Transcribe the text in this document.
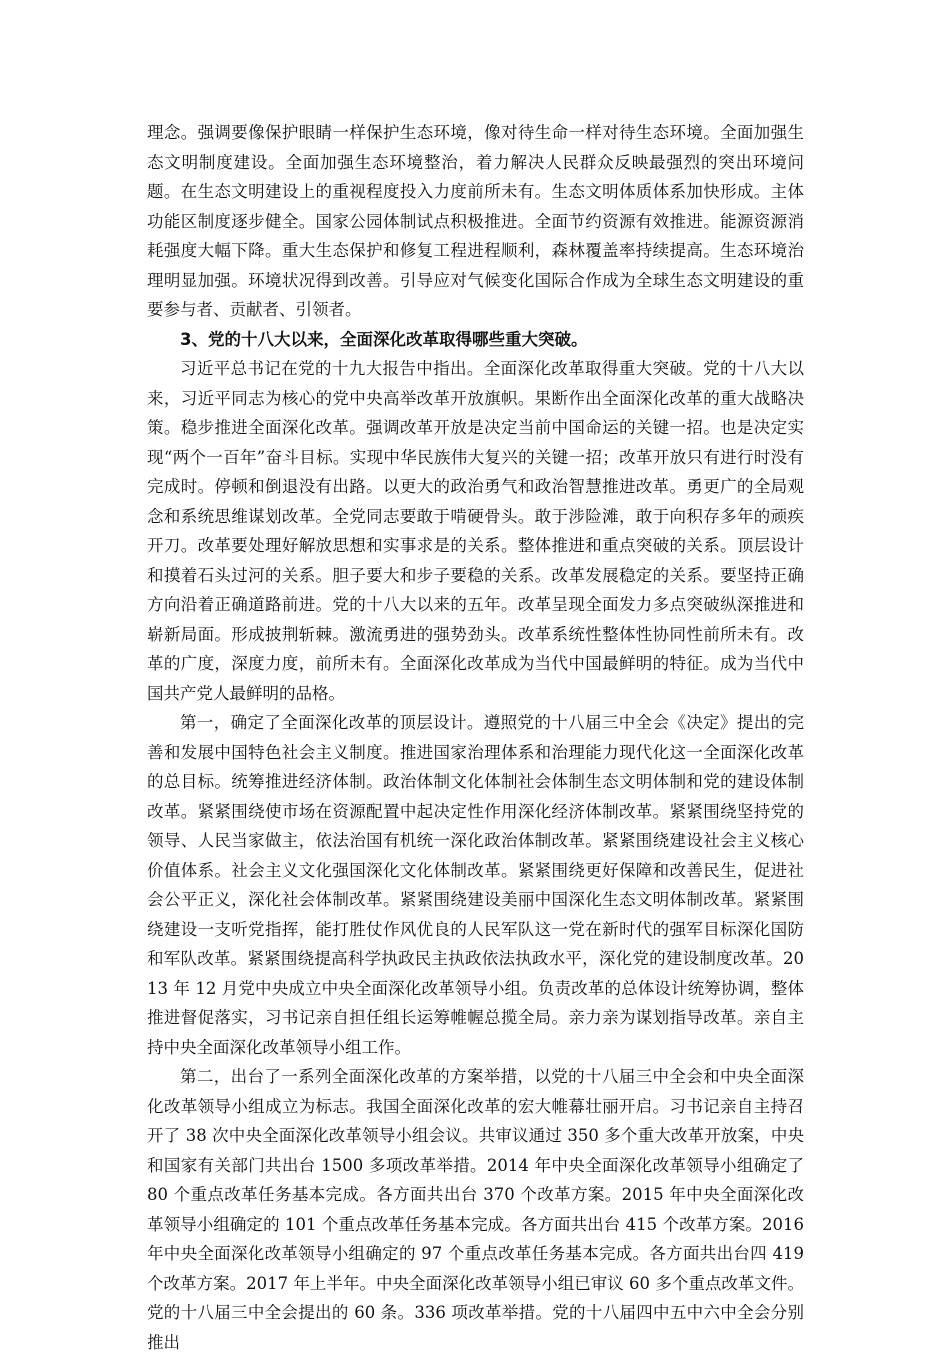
理念。强调要像保护眼睛一样保护生态环境，像对待生命一样对待生态环境。全面加强生态文明制度建设。全面加强生态环境整治，着力解决人民群众反映最强烈的突出环境问题。在生态文明建设上的重视程度投入力度前所未有。生态文明体质体系加快形成。主体功能区制度逐步健全。国家公园体制试点积极推进。全面节约资源有效推进。能源资源消耗强度大幅下降。重大生态保护和修复工程进程顺利，森林覆盖率持续提高。生态环境治理明显加强。环境状况得到改善。引导应对气候变化国际合作成为全球生态文明建设的重要参与者、贡献者、引领者。

3、党的十八大以来，全面深化改革取得哪些重大突破。

习近平总书记在党的十九大报告中指出。全面深化改革取得重大突破。党的十八大以来，习近平同志为核心的党中央高举改革开放旗帜。果断作出全面深化改革的重大战略决策。稳步推进全面深化改革。强调改革开放是决定当前中国命运的关键一招。也是决定实现“两个一百年”奋斗目标。实现中华民族伟大复兴的关键一招；改革开放只有进行时没有完成时。停顿和倒退没有出路。以更大的政治勇气和政治智慧推进改革。勇更广的全局观念和系统思维谋划改革。全党同志要敢于啃硬骨头。敢于涉险滩，敢于向积存多年的顽疾开刀。改革要处理好解放思想和实事求是的关系。整体推进和重点突破的关系。顶层设计和摸着石头过河的关系。胆子要大和步子要稳的关系。改革发展稳定的关系。要坚持正确方向沿着正确道路前进。党的十八大以来的五年。改革呈现全面发力多点突破纵深推进和崭新局面。形成披荆斩棘。激流勇进的强势劲头。改革系统性整体性协同性前所未有。改革的广度，深度力度，前所未有。全面深化改革成为当代中国最鲜明的特征。成为当代中国共产党人最鲜明的品格。

第一，确定了全面深化改革的顶层设计。遵照党的十八届三中全会《决定》提出的完善和发展中国特色社会主义制度。推进国家治理体系和治理能力现代化这一全面深化改革的总目标。统筹推进经济体制。政治体制文化体制社会体制生态文明体制和党的建设体制改革。紧紧围绕使市场在资源配置中起决定性作用深化经济体制改革。紧紧围绕坚持党的领导、人民当家做主，依法治国有机统一深化政治体制改革。紧紧围绕建设社会主义核心价值体系。社会主义文化强国深化文化体制改革。紧紧围绕更好保障和改善民生，促进社会公平正义，深化社会体制改革。紧紧围绕建设美丽中国深化生态文明体制改革。紧紧围绕建设一支听党指挥，能打胜仗作风优良的人民军队这一党在新时代的强军目标深化国防和军队改革。紧紧围绕提高科学执政民主执政依法执政水平，深化党的建设制度改革。2013 年 12 月党中央成立中央全面深化改革领导小组。负责改革的总体设计统筹协调，整体推进督促落实，习书记亲自担任组长运筹帷幄总揽全局。亲力亲为谋划指导改革。亲自主持中央全面深化改革领导小组工作。

第二，出台了一系列全面深化改革的方案举措，以党的十八届三中全会和中央全面深化改革领导小组成立为标志。我国全面深化改革的宏大帷幕壮丽开启。习书记亲自主持召开了 38 次中央全面深化改革领导小组会议。共审议通过 350 多个重大改革开放案，中央和国家有关部门共出台 1500 多项改革举措。2014 年中央全面深化改革领导小组确定了 80 个重点改革任务基本完成。各方面共出台 370 个改革方案。2015 年中央全面深化改革领导小组确定的 101 个重点改革任务基本完成。各方面共出台 415 个改革方案。2016 年中央全面深化改革领导小组确定的 97 个重点改革任务基本完成。各方面共出台四 419 个改革方案。2017 年上半年。中央全面深化改革领导小组已审议 60 多个重点改革文件。党的十八届三中全会提出的 60 条。336 项改革举措。党的十八届四中五中六中全会分别推出
